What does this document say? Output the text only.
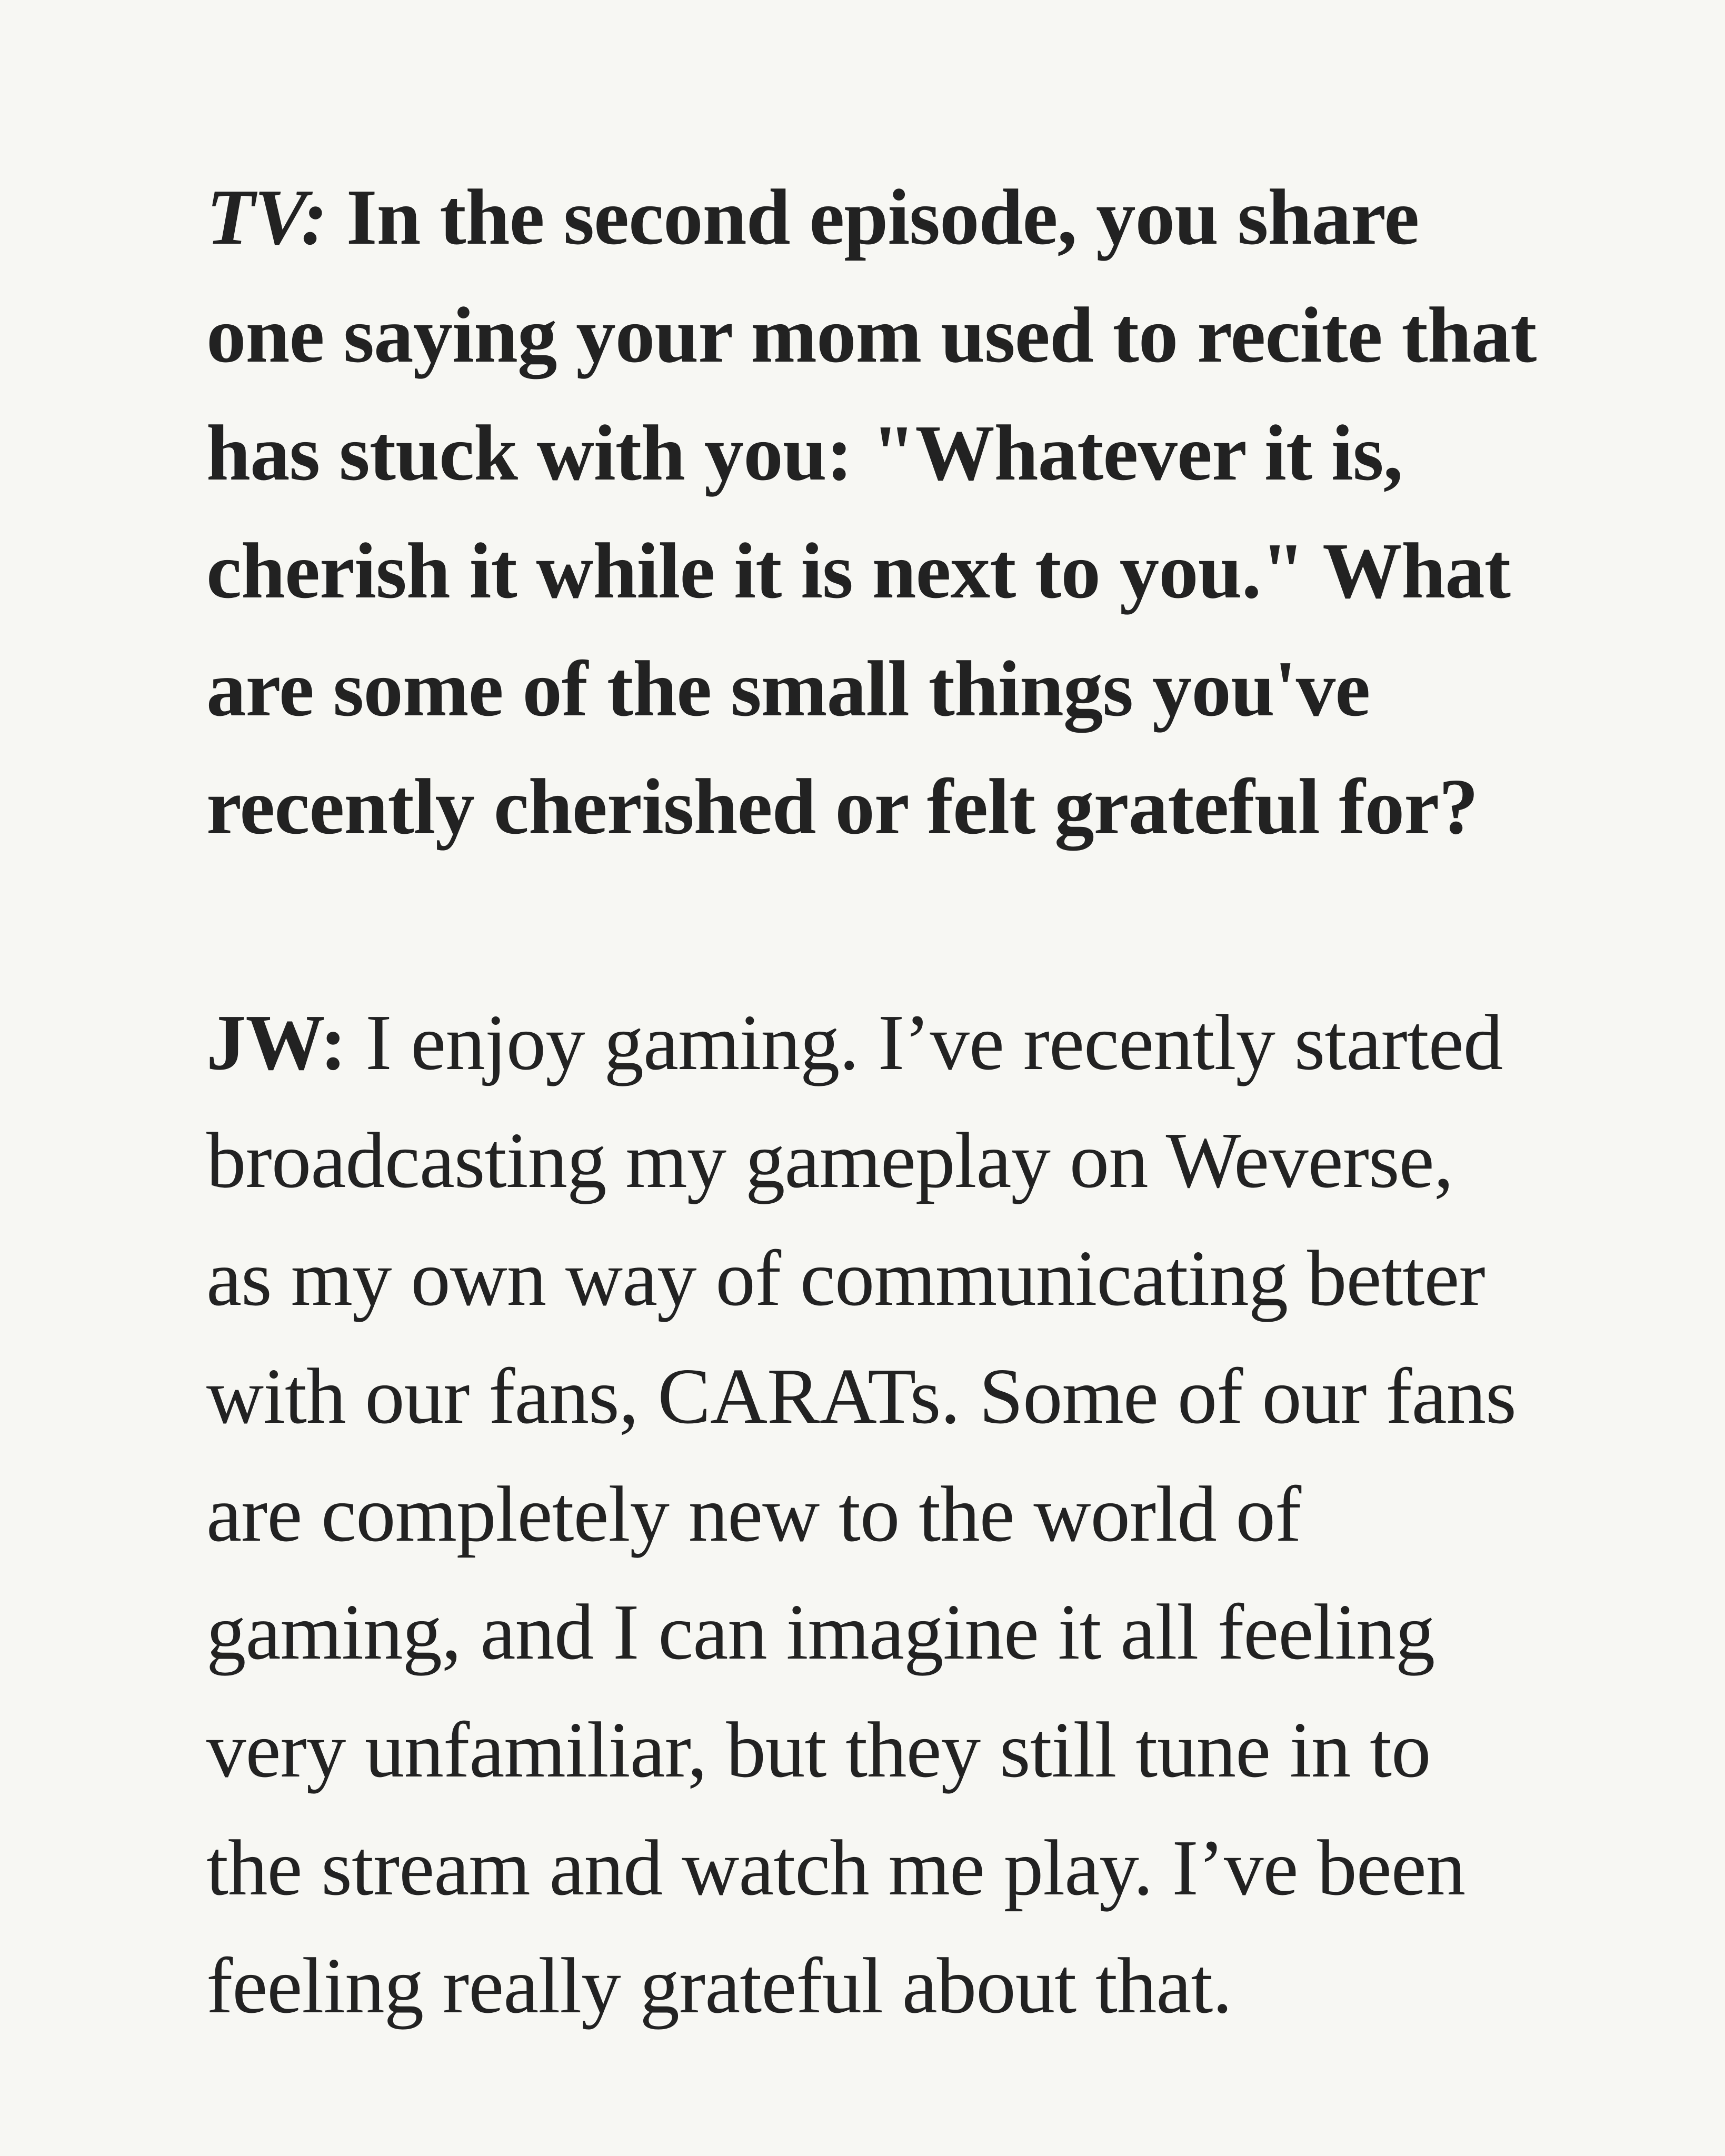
TV: In the second episode, you share
one saying your mom used to recite that
has stuck with you: "Whatever it is,
cherish it while it is next to you." What
are some of the small things you've
recently cherished or felt grateful for?

JW: I enjoy gaming. I’ve recently started
broadcasting my gameplay on Weverse,
as my own way of communicating better
with our fans, CARATs. Some of our fans
are completely new to the world of
gaming, and I can imagine it all feeling
very unfamiliar, but they still tune in to
the stream and watch me play. I’ve been
feeling really grateful about that.
